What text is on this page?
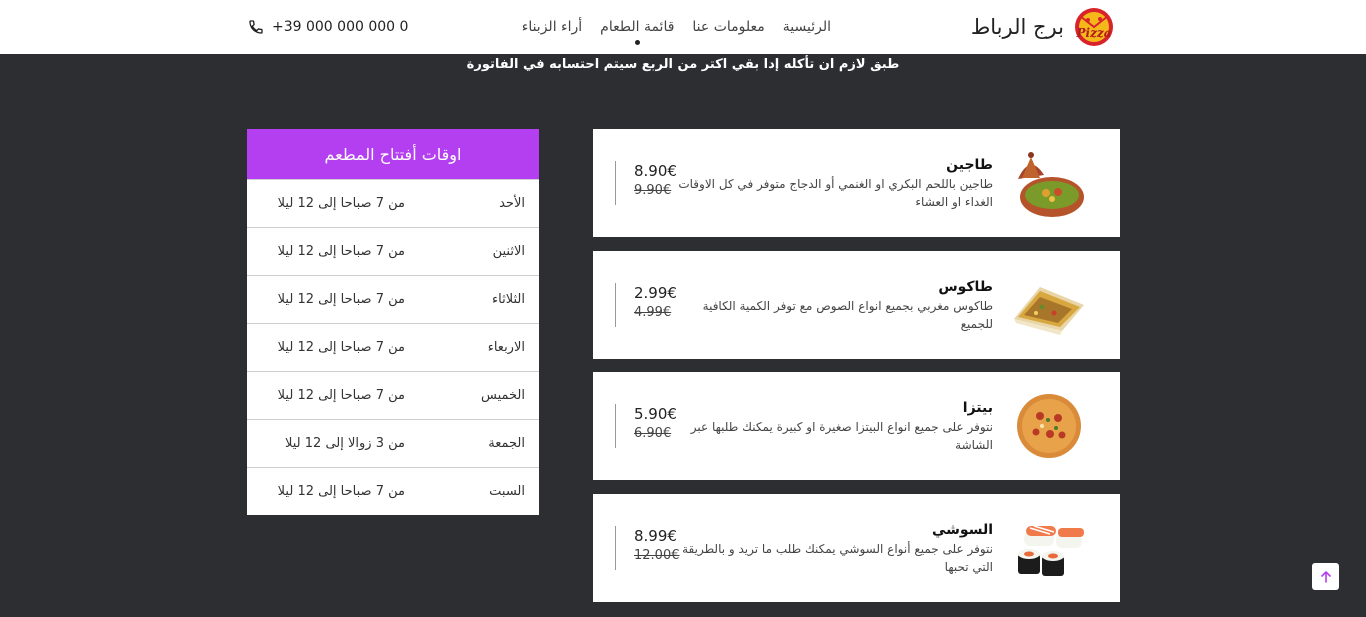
Pizza
برج الرباط
الرئيسية
معلومات عنا
قائمة الطعام
أراء الزبناء
+39 000 000 000 0
طبق لازم ان تأكله إدا بقي اكتر من الربع سيتم احتسابه في الفاتورة
اوقات أفتتاح المطعم
الأحد
من 7 صباحا إلى 12 ليلا
الاثنين
من 7 صباحا إلى 12 ليلا
الثلاثاء
من 7 صباحا إلى 12 ليلا
الاربعاء
من 7 صباحا إلى 12 ليلا
الخميس
من 7 صباحا إلى 12 ليلا
الجمعة
من 3 زوالا إلى 12 ليلا
السبت
من 7 صباحا إلى 12 ليلا
طاجين
طاجين باللحم البكري او الغنمي أو الدجاج متوفر في كل الاوقات الغداء او العشاء
8.90€
9.90€
طاكوس
طاكوس مغربي بجميع انواع الصوص مع توفر الكمية الكافية للجميع
2.99€
4.99€
بيتزا
نتوفر على جميع انواع البيتزا صغيرة او كبيرة يمكنك طلبها عبر الشاشة
5.90€
6.90€
السوشي
نتوفر على جميع أنواع السوشي يمكنك طلب ما تريد و بالطريقة التي تحبها
8.99€
12.00€
